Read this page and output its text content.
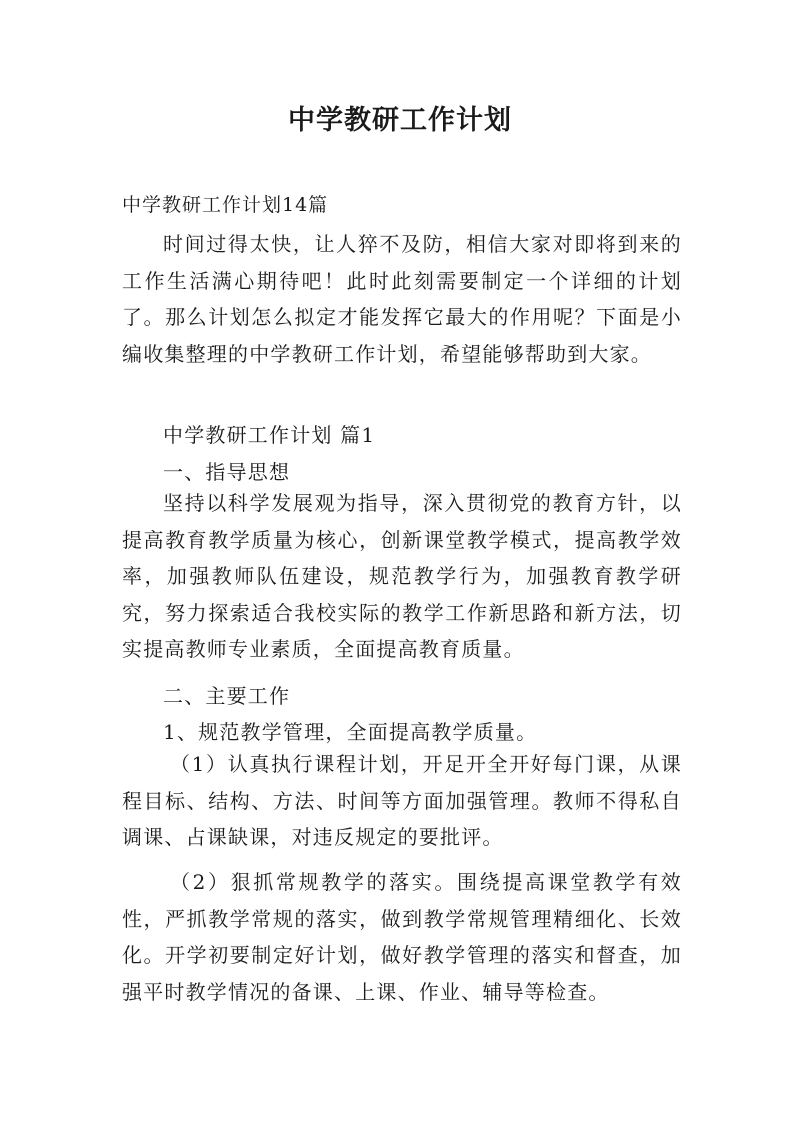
中学教研工作计划
中学教研工作计划14篇

时间过得太快，让人猝不及防，相信大家对即将到来的工作生活满心期待吧！此时此刻需要制定一个详细的计划了。那么计划怎么拟定才能发挥它最大的作用呢？下面是小编收集整理的中学教研工作计划，希望能够帮助到大家。

中学教研工作计划 篇1
一、指导思想

坚持以科学发展观为指导，深入贯彻党的教育方针，以提高教育教学质量为核心，创新课堂教学模式，提高教学效率，加强教师队伍建设，规范教学行为，加强教育教学研究，努力探索适合我校实际的教学工作新思路和新方法，切实提高教师专业素质，全面提高教育质量。

二、主要工作
1、规范教学管理，全面提高教学质量。

（1）认真执行课程计划，开足开全开好每门课，从课程目标、结构、方法、时间等方面加强管理。教师不得私自调课、占课缺课，对违反规定的要批评。

（2）狠抓常规教学的落实。围绕提高课堂教学有效性，严抓教学常规的落实，做到教学常规管理精细化、长效化。开学初要制定好计划，做好教学管理的落实和督查，加强平时教学情况的备课、上课、作业、辅导等检查。
